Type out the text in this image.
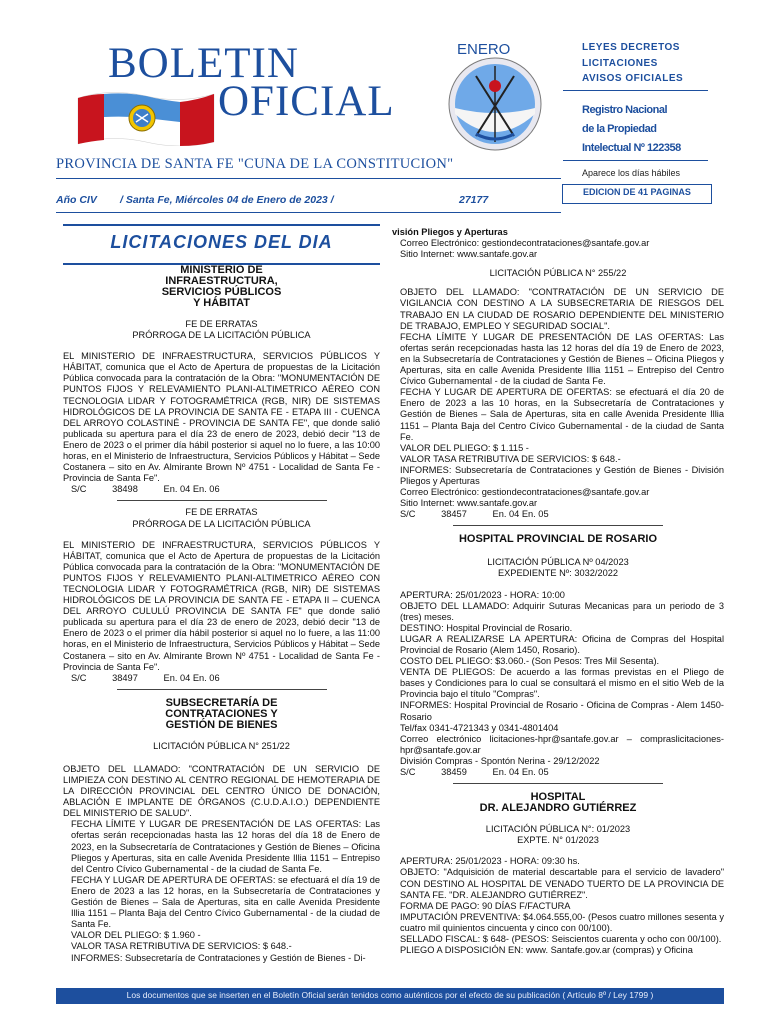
BOLETIN
OFICIAL
ENERO	LEYES DECRETOS
LICITACIONES
AVISOS OFICIALES
Registro Nacional
de la Propiedad
Intelectual Nº 122358
Aparece los días hábiles
PROVINCIA DE SANTA FE "CUNA DE LA CONSTITUCION"
EDICION DE 41 PAGINAS
Año CIV / Santa Fe, Miércoles 04 de Enero de 2023 /	27177
LICITACIONES DEL DIA

MINISTERIO DE

INFRAESTRUCTURA,

SERVICIOS PÚBLICOS

Y HÁBITAT

FE DE ERRATAS

PRÓRROGA DE LA LICITACIÓN PÚBLICA

EL MINISTERIO DE INFRAESTRUCTURA, SERVICIOS PÚBLICOS Y HÁBITAT, comunica que el Acto de Apertura de propuestas de la Licitación Pública convocada para la contratación de la Obra: "MONUMENTACIÓN DE PUNTOS FIJOS Y RELEVAMIENTO PLANI-ALTIMETRICO AÉREO CON TECNOLOGIA LIDAR Y FOTOGRAMÉTRICA (RGB, NIR) DE SISTEMAS HIDROLÓGICOS DE LA PROVINCIA DE SANTA FE - ETAPA III - CUENCA DEL ARROYO COLASTINÉ - PROVINCIA DE SANTA FE", que donde salió publicada su apertura para el día 23 de enero de 2023, debió decir "13 de Enero de 2023 o el primer día hábil posterior si aquel no lo fuere, a las 10:00 horas, en el Ministerio de Infraestructura, Servicios Públicos y Hábitat – Sede Costanera – sito en Av. Almirante Brown Nº 4751 - Localidad de Santa Fe - Provincia de Santa Fe".

S/C          38498          En. 04 En. 06

FE DE ERRATAS

PRÓRROGA DE LA LICITACIÓN PÚBLICA

EL MINISTERIO DE INFRAESTRUCTURA, SERVICIOS PÚBLICOS Y HÁBITAT, comunica que el Acto de Apertura de propuestas de la Licitación Pública convocada para la contratación de la Obra: "MONUMENTACIÓN DE PUNTOS FIJOS Y RELEVAMIENTO PLANI-ALTIMETRICO AÉREO CON TECNOLOGIA LIDAR Y FOTOGRAMÉTRICA (RGB, NIR) DE SISTEMAS HIDROLÓGICOS DE LA PROVINCIA DE SANTA FE - ETAPA II – CUENCA DEL ARROYO CULULÚ PROVINCIA DE SANTA FE" que donde salió publicada su apertura para el día 23 de enero de 2023, debió decir "13 de Enero de 2023 o el primer día hábil posterior si aquel no lo fuere, a las 11:00 horas, en el Ministerio de Infraestructura, Servicios Públicos y Hábitat – Sede Costanera – sito en Av. Almirante Brown Nº 4751 - Localidad de Santa Fe - Provincia de Santa Fe".

S/C          38497          En. 04 En. 06

SUBSECRETARÍA DE

CONTRATACIONES Y

GESTIÓN DE BIENES

LICITACIÓN PÚBLICA N° 251/22

OBJETO DEL LLAMADO: "CONTRATACIÓN DE UN SERVICIO DE LIMPIEZA CON DESTINO AL CENTRO REGIONAL DE HEMOTERAPIA DE LA DIRECCIÓN PROVINCIAL DEL CENTRO ÚNICO DE DONACIÓN, ABLACIÓN E IMPLANTE DE ÓRGANOS (C.U.D.A.I.O.) DEPENDIENTE DEL MINISTERIO DE SALUD".

FECHA LÍMITE Y LUGAR DE PRESENTACIÓN DE LAS OFERTAS: Las ofertas serán recepcionadas hasta las 12 horas del día 18 de Enero de 2023, en la Subsecretaría de Contrataciones y Gestión de Bienes – Oficina Pliegos y Aperturas, sita en calle Avenida Presidente Illia 1151 – Entrepiso del Centro Cívico Gubernamental - de la ciudad de Santa Fe.

FECHA Y LUGAR DE APERTURA DE OFERTAS: se efectuará el día 19 de Enero de 2023 a las 12 horas, en la Subsecretaría de Contrataciones y Gestión de Bienes – Sala de Aperturas, sita en calle Avenida Presidente Illia 1151 – Planta Baja del Centro Cívico Gubernamental - de la ciudad de Santa Fe.

VALOR DEL PLIEGO: $ 1.960 -

VALOR TASA RETRIBUTIVA DE SERVICIOS: $ 648.-

INFORMES: Subsecretaría de Contrataciones y Gestión de Bienes - Di-

visión Pliegos y Aperturas

Correo Electrónico: gestiondecontrataciones@santafe.gov.ar

Sitio Internet: www.santafe.gov.ar

LICITACIÓN PÚBLICA N° 255/22

OBJETO DEL LLAMADO: "CONTRATACIÓN DE UN SERVICIO DE VIGILANCIA CON DESTINO A LA SUBSECRETARIA DE RIESGOS DEL TRABAJO EN LA CIUDAD DE ROSARIO DEPENDIENTE DEL MINISTERIO DE TRABAJO, EMPLEO Y SEGURIDAD SOCIAL".

FECHA LÍMITE Y LUGAR DE PRESENTACIÓN DE LAS OFERTAS: Las ofertas serán recepcionadas hasta las 12 horas del día 19 de Enero de 2023, en la Subsecretaría de Contrataciones y Gestión de Bienes – Oficina Pliegos y Aperturas, sita en calle Avenida Presidente Illia 1151 – Entrepiso del Centro Cívico Gubernamental - de la ciudad de Santa Fe.

FECHA Y LUGAR DE APERTURA DE OFERTAS: se efectuará el día 20 de Enero de 2023 a las 10 horas, en la Subsecretaría de Contrataciones y Gestión de Bienes – Sala de Aperturas, sita en calle Avenida Presidente Illia 1151 – Planta Baja del Centro Cívico Gubernamental - de la ciudad de Santa Fe.

VALOR DEL PLIEGO: $ 1.115 -

VALOR TASA RETRIBUTIVA DE SERVICIOS: $ 648.-

INFORMES: Subsecretaría de Contrataciones y Gestión de Bienes - División Pliegos y Aperturas

Correo Electrónico: gestiondecontrataciones@santafe.gov.ar

Sitio Internet: www.santafe.gov.ar

S/C          38457          En. 04 En. 05

HOSPITAL PROVINCIAL DE ROSARIO

LICITACIÓN PÚBLICA Nº 04/2023

EXPEDIENTE Nº: 3032/2022

APERTURA: 25/01/2023 - HORA: 10:00

OBJETO DEL LLAMADO: Adquirir Suturas Mecanicas para un periodo de 3 (tres) meses.

DESTINO: Hospital Provincial de Rosario.

LUGAR A REALIZARSE LA APERTURA: Oficina de Compras del Hospital Provincial de Rosario (Alem 1450, Rosario).

COSTO DEL PLIEGO: $3.060.- (Son Pesos: Tres Mil Sesenta).

VENTA DE PLIEGOS: De acuerdo a las formas previstas en el Pliego de bases y Condiciones para lo cual se consultará el mismo en el sitio Web de la Provincia bajo el título "Compras".

INFORMES: Hospital Provincial de Rosario - Oficina de Compras - Alem 1450- Rosario

Tel/fax 0341-4721343 y 0341-4801404

Correo electrónico licitaciones-hpr@santafe.gov.ar – compraslicitaciones-hpr@santafe.gov.ar

División Compras - Spontón Nerina - 29/12/2022

S/C          38459          En. 04 En. 05

HOSPITAL

DR. ALEJANDRO GUTIÉRREZ

LICITACIÓN PÚBLICA N°: 01/2023

EXPTE. N° 01/2023

APERTURA: 25/01/2023 - HORA: 09:30 hs.

OBJETO: "Adquisición de material descartable para el servicio de lavadero" CON DESTINO AL HOSPITAL DE VENADO TUERTO DE LA PROVINCIA DE SANTA FE. "DR. ALEJANDRO GUTIÉRREZ".

FORMA DE PAGO: 90 DÍAS F/FACTURA

IMPUTACIÓN PREVENTIVA: $4.064.555,00- (Pesos cuatro millones sesenta y cuatro mil quinientos cincuenta y cinco con 00/100).

SELLADO FISCAL: $ 648- (PESOS: Seiscientos cuarenta y ocho con 00/100).

PLIEGO A DISPOSICIÓN EN: www. Santafe.gov.ar (compras) y Oficina

Los documentos que se inserten en el Boletín Oficial serán tenidos como auténticos por el efecto de su publicación ( Artículo 8º / Ley 1799 )
